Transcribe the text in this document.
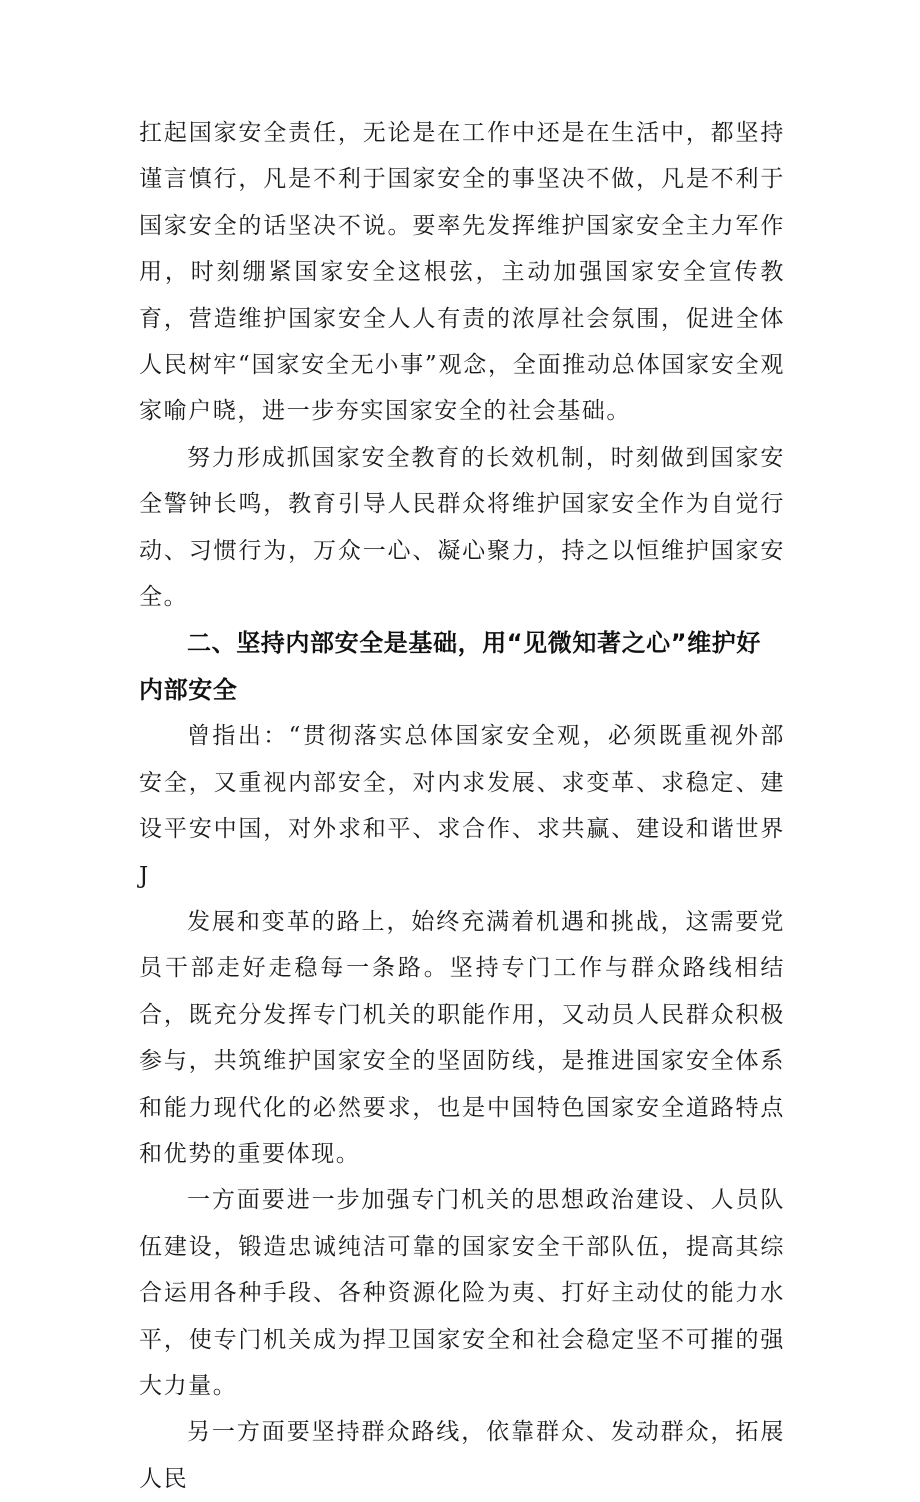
扛起国家安全责任，无论是在工作中还是在生活中，都坚持谨言慎行，凡是不利于国家安全的事坚决不做，凡是不利于国家安全的话坚决不说。要率先发挥维护国家安全主力军作用，时刻绷紧国家安全这根弦，主动加强国家安全宣传教育，营造维护国家安全人人有责的浓厚社会氛围，促进全体人民树牢“国家安全无小事”观念，全面推动总体国家安全观家喻户晓，进一步夯实国家安全的社会基础。

努力形成抓国家安全教育的长效机制，时刻做到国家安全警钟长鸣，教育引导人民群众将维护国家安全作为自觉行动、习惯行为，万众一心、凝心聚力，持之以恒维护国家安全。

二、坚持内部安全是基础，用“见微知著之心”维护好内部安全

曾指出：“贯彻落实总体国家安全观，必须既重视外部安全，又重视内部安全，对内求发展、求变革、求稳定、建设平安中国，对外求和平、求合作、求共赢、建设和谐世界J

发展和变革的路上，始终充满着机遇和挑战，这需要党员干部走好走稳每一条路。坚持专门工作与群众路线相结合，既充分发挥专门机关的职能作用，又动员人民群众积极参与，共筑维护国家安全的坚固防线，是推进国家安全体系和能力现代化的必然要求，也是中国特色国家安全道路特点和优势的重要体现。

一方面要进一步加强专门机关的思想政治建设、人员队伍建设，锻造忠诚纯洁可靠的国家安全干部队伍，提高其综合运用各种手段、各种资源化险为夷、打好主动仗的能力水平，使专门机关成为捍卫国家安全和社会稳定坚不可摧的强大力量。

另一方面要坚持群众路线，依靠群众、发动群众，拓展人民
